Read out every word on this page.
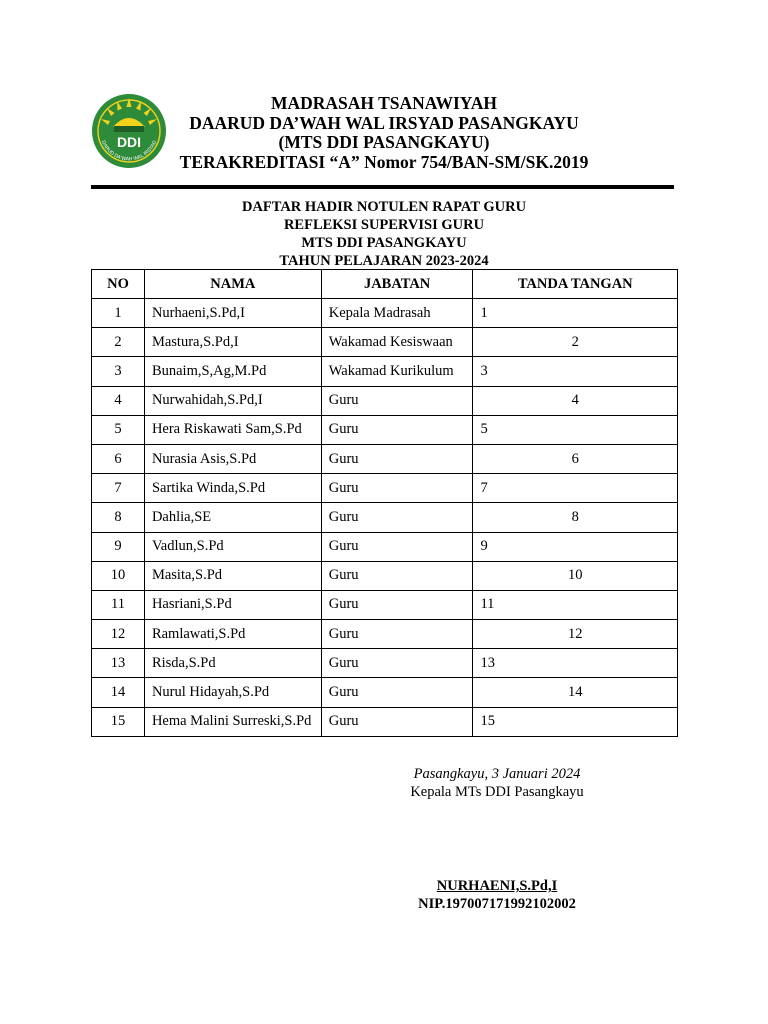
DDI
DARUD DA'WAH WAL IRSYAD
MADRASAH TSANAWIYAH
DAARUD DA’WAH WAL IRSYAD PASANGKAYU
(MTS DDI PASANGKAYU)
TERAKREDITASI “A” Nomor 754/BAN-SM/SK.2019
DAFTAR HADIR NOTULEN RAPAT GURU
REFLEKSI SUPERVISI GURU
MTS DDI PASANGKAYU
TAHUN PELAJARAN 2023-2024
NO	NAMA	JABATAN	TANDA TANGAN
1	Nurhaeni,S.Pd,I	Kepala Madrasah	1
2	Mastura,S.Pd,I	Wakamad Kesiswaan	2
3	Bunaim,S,Ag,M.Pd	Wakamad Kurikulum	3
4	Nurwahidah,S.Pd,I	Guru	4
5	Hera Riskawati Sam,S.Pd	Guru	5
6	Nurasia Asis,S.Pd	Guru	6
7	Sartika Winda,S.Pd	Guru	7
8	Dahlia,SE	Guru	8
9	Vadlun,S.Pd	Guru	9
10	Masita,S.Pd	Guru	10
11	Hasriani,S.Pd	Guru	11
12	Ramlawati,S.Pd	Guru	12
13	Risda,S.Pd	Guru	13
14	Nurul Hidayah,S.Pd	Guru	14
15	Hema Malini Surreski,S.Pd	Guru	15
Pasangkayu, 3 Januari 2024
Kepala MTs DDI Pasangkayu
NURHAENI,S.Pd,I
NIP.197007171992102002
